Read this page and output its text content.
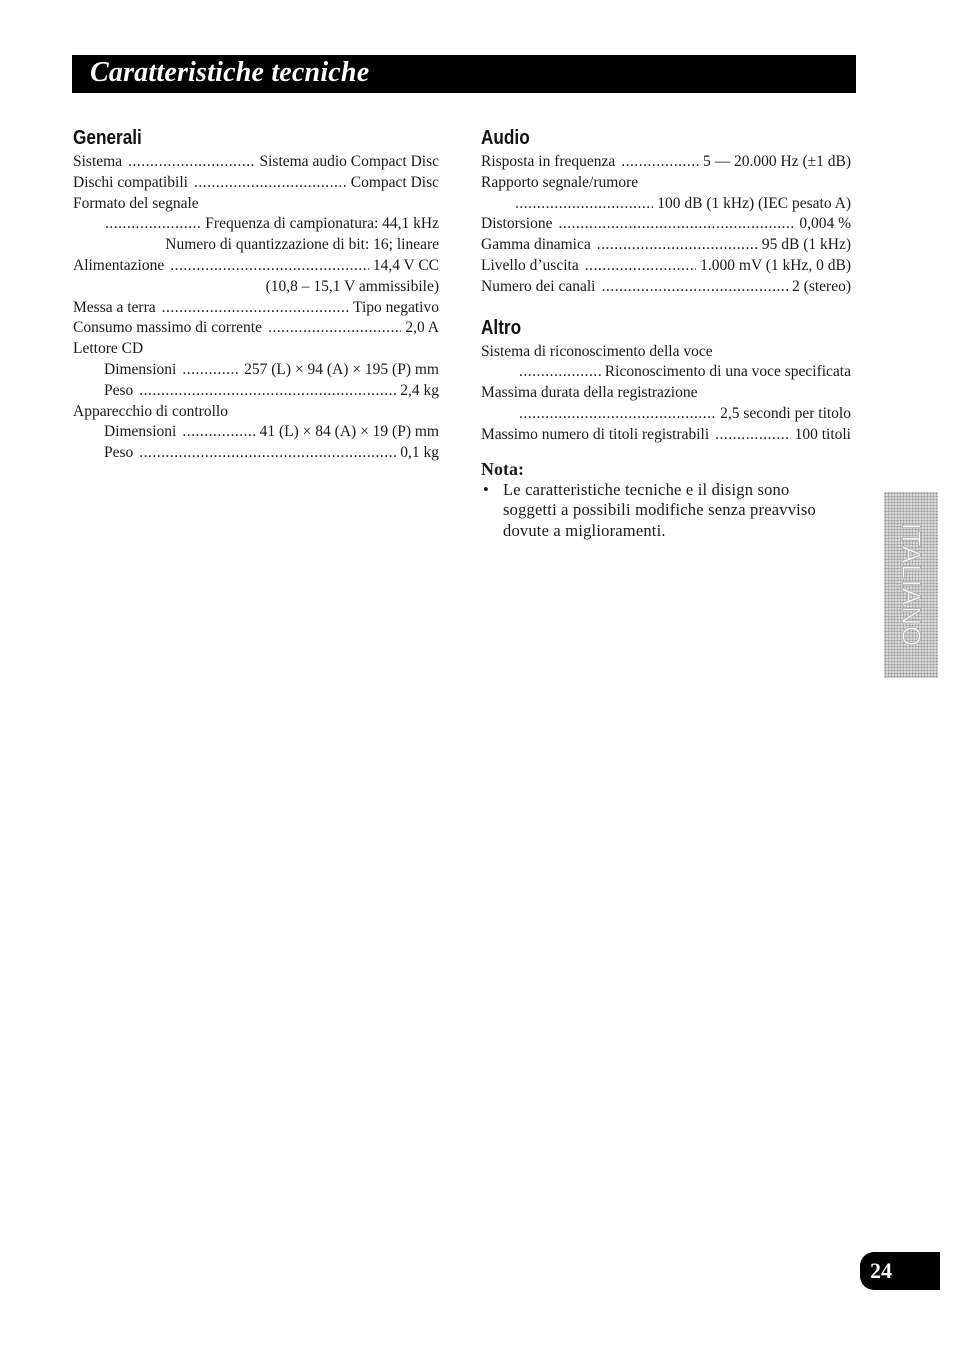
Caratteristiche tecniche
Generali
Sistema .....	Sistema audio Compact Disc
Dischi compatibili .....	Compact Disc
Formato del segnale
.....
Frequenza di campionatura: 44,1 kHz
Numero di quantizzazione di bit: 16; lineare
Alimentazione .....	14,4 V CC
(10,8 – 15,1 V ammissibile)
Messa a terra .....	Tipo negativo
Consumo massimo di corrente .....	2,0 A
Lettore CD
Dimensioni .....	257 (L) × 94 (A) × 195 (P) mm
Peso .....	2,4 kg
Apparecchio di controllo
Dimensioni .....	41 (L) × 84 (A) × 19 (P) mm
Peso .....	0,1 kg
Audio
Risposta in frequenza .....	5 — 20.000 Hz (±1 dB)
Rapporto segnale/rumore
.....
100 dB (1 kHz) (IEC pesato A)
Distorsione .....	0,004 %
Gamma dinamica .....	95 dB (1 kHz)
Livello d’uscita .....	1.000 mV (1 kHz, 0 dB)
Numero dei canali .....	2 (stereo)
Altro
Sistema di riconoscimento della voce
.....
Riconoscimento di una voce specificata
Massima durata della registrazione
.....
2,5 secondi per titolo
Massimo numero di titoli registrabili .....	100 titoli
Nota:
• Le caratteristiche tecniche e il disign sono soggetti a possibili modifiche senza preavviso dovute a miglioramenti.	ITALIANO
24
